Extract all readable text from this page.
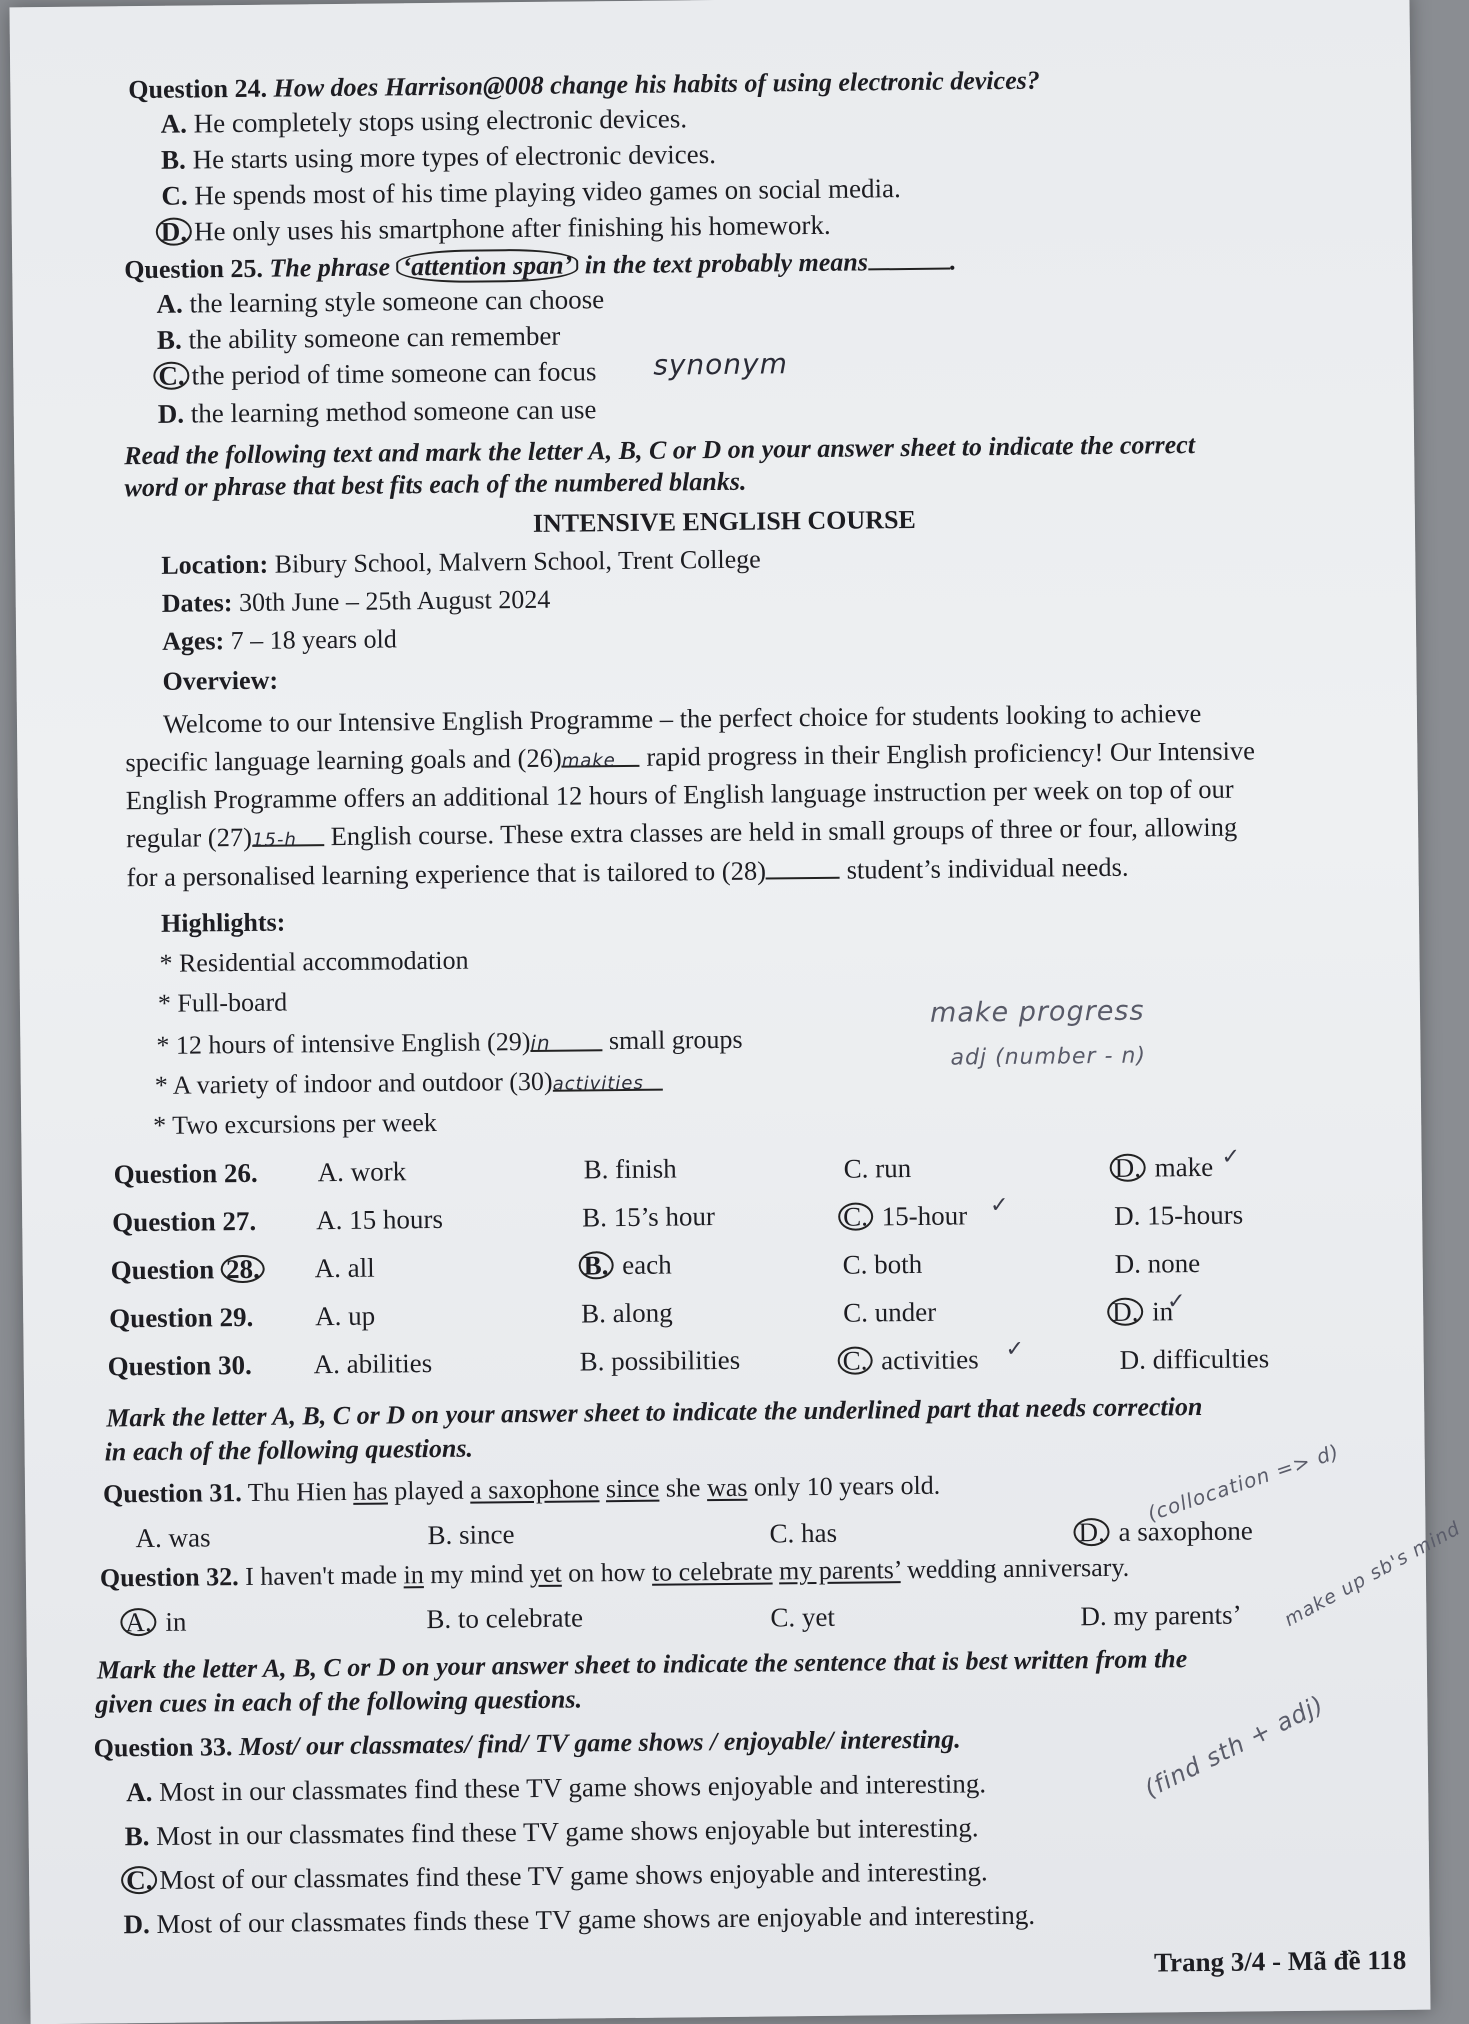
Question 24. How does Harrison@008 change his habits of using electronic devices?
A. He completely stops using electronic devices.
B. He starts using more types of electronic devices.
C. He spends most of his time playing video games on social media.
D. He only uses his smartphone after finishing his homework.
Question 25. The phrase ‘attention span’ in the text probably means	.
A. the learning style someone can choose
B. the ability someone can remember
C. the period of time someone can focus
D. the learning method someone can use
synonym
Read the following text and mark the letter A, B, C or D on your answer sheet to indicate the correct
word or phrase that best fits each of the numbered blanks.
INTENSIVE ENGLISH COURSE
Location: Bibury School, Malvern School, Trent College
Dates: 30th June – 25th August 2024
Ages: 7 – 18 years old
Overview:
Welcome to our Intensive English Programme – the perfect choice for students looking to achieve
specific language learning goals and (26)make rapid progress in their English proficiency! Our Intensive
English Programme offers an additional 12 hours of English language instruction per week on top of our
regular (27)15-h English course. These extra classes are held in small groups of three or four, allowing
for a personalised learning experience that is tailored to (28)	student’s individual needs.
Highlights:
* Residential accommodation
* Full-board
* 12 hours of intensive English (29)in small groups
* A variety of indoor and outdoor (30)activities
* Two excursions per week
make progress
adj (number - n)
Question 26. A. work	B. finish	C. run	D. make ✓
Question 27. A. 15 hours	B. 15’s hour	C. 15-hour ✓	D. 15-hours
Question 28. A. all	B. each	C. both	D. none
Question 29. A. up	B. along	C. under	D. in
✓
Question 30. A. abilities	B. possibilities	C. activities ✓	D. difficulties
Mark the letter A, B, C or D on your answer sheet to indicate the underlined part that needs correction
in each of the following questions.
Question 31. Thu Hien has played a saxophone since she was only 10 years old.
A. was	B. since	C. has	D. a saxophone
(collocation => d)
Question 32. I haven't made in my mind yet on how to celebrate my parents’ wedding anniversary.
A. in	B. to celebrate	C. yet	D. my parents’ make up sb's mind
Mark the letter A, B, C or D on your answer sheet to indicate the sentence that is best written from the
given cues in each of the following questions.
Question 33. Most/ our classmates/ find/ TV game shows / enjoyable/ interesting.
A. Most in our classmates find these TV game shows enjoyable and interesting.
B. Most in our classmates find these TV game shows enjoyable but interesting.
C. Most of our classmates find these TV game shows enjoyable and interesting.
D. Most of our classmates finds these TV game shows are enjoyable and interesting.
(find sth + adj)
Trang 3/4 - Mã đề 118
